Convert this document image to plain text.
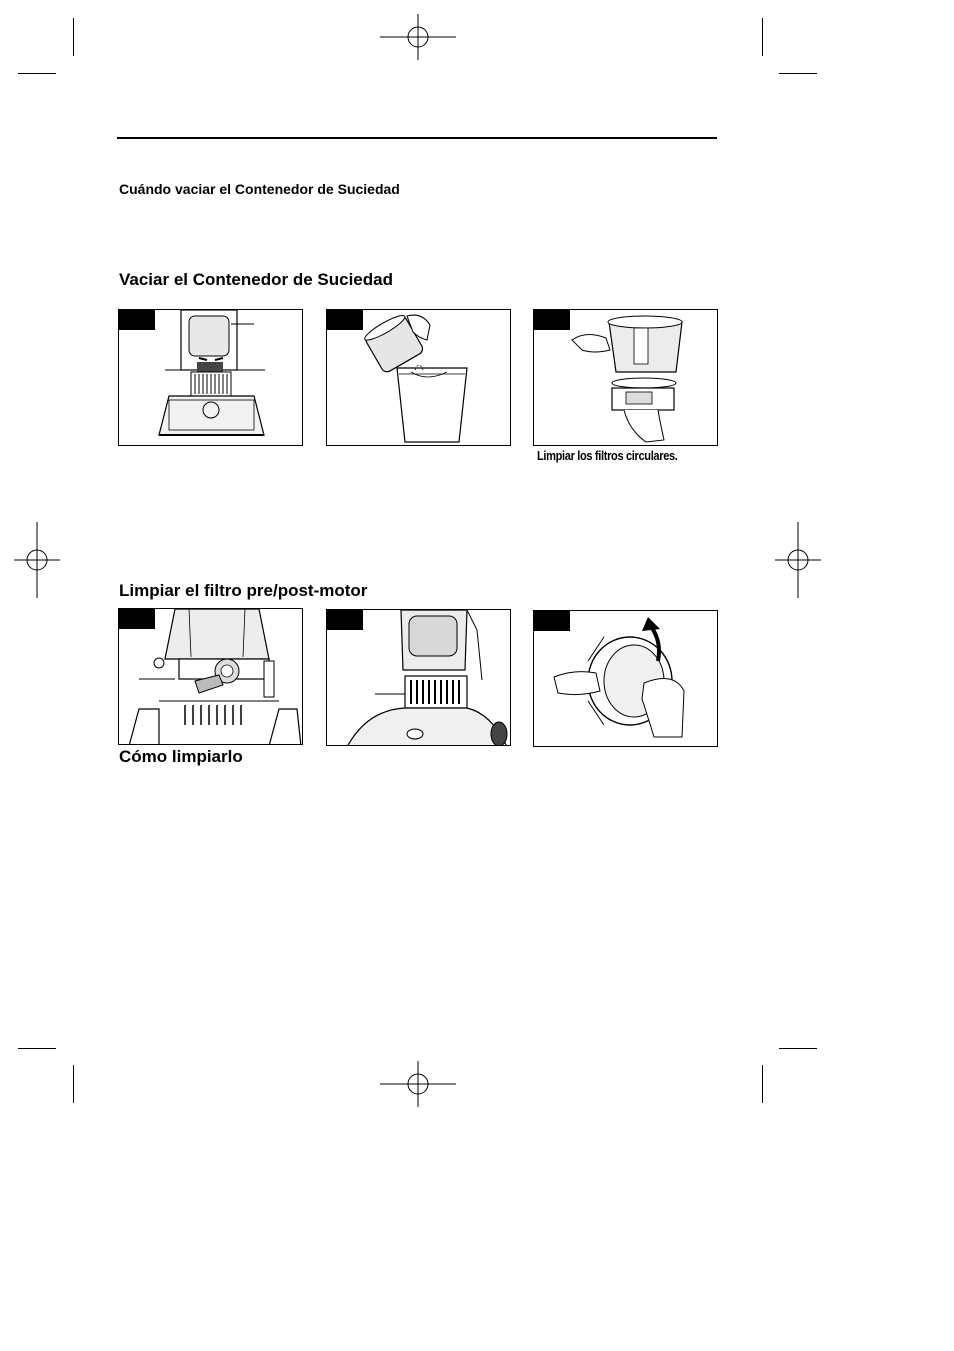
Cuándo vaciar el Contenedor de Suciedad
Vaciar el Contenedor de Suciedad
Limpiar el filtro pre/post-motor
Cómo limpiarlo
Limpiar los filtros circulares.
